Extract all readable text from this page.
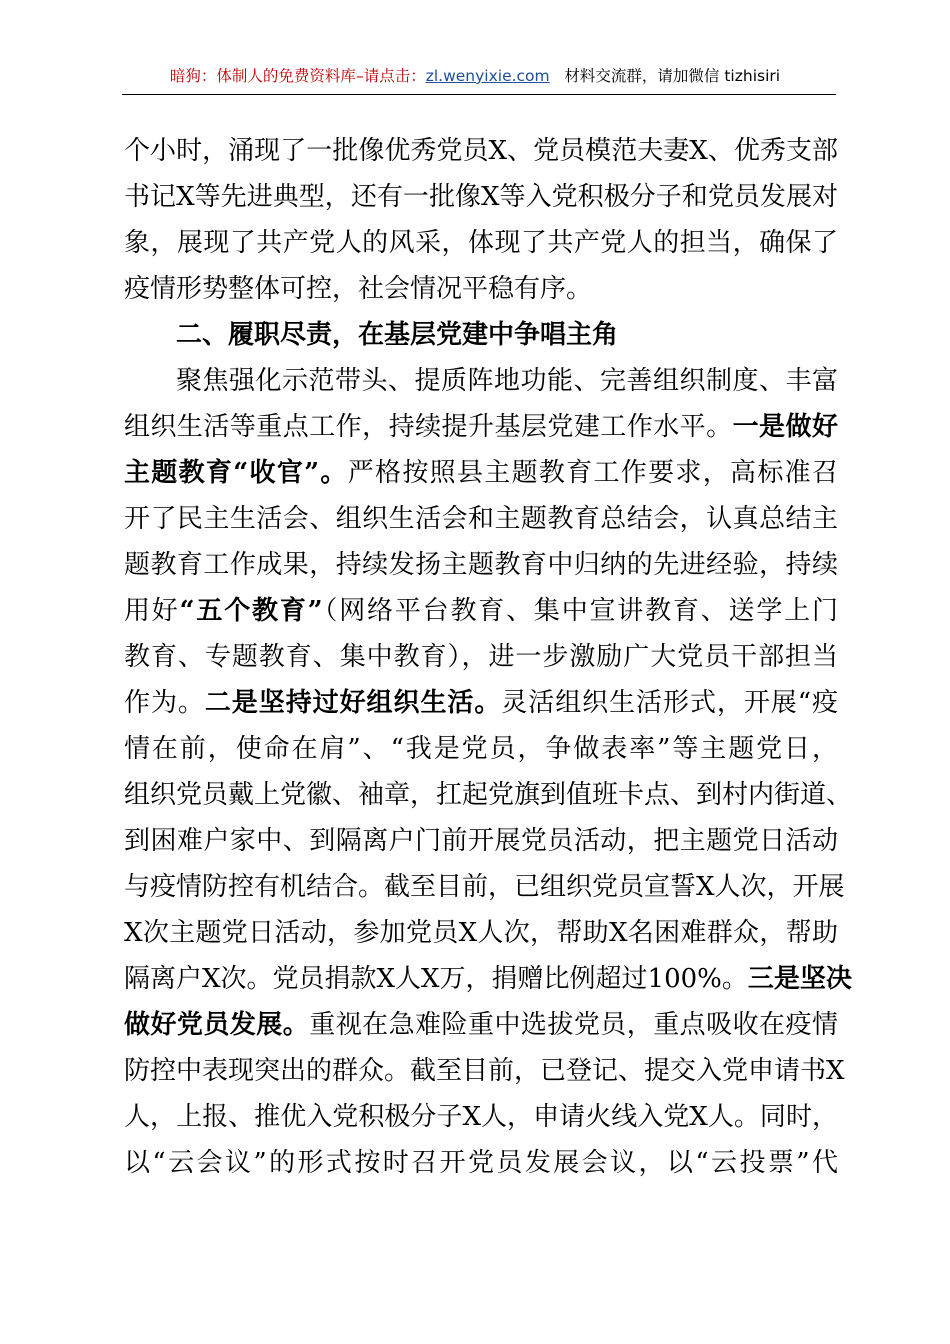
暗狗：体制人的免费资料库–请点击：zl.wenyixie.com 材料交流群，请加微信 tizhisiri
个小时，涌现了一批像优秀党员X、党员模范夫妻X、优秀支部
书记X等先进典型，还有一批像X等入党积极分子和党员发展对
象，展现了共产党人的风采，体现了共产党人的担当，确保了
疫情形势整体可控，社会情况平稳有序。
二、履职尽责，在基层党建中争唱主角
聚焦强化示范带头、提质阵地功能、完善组织制度、丰富
组织生活等重点工作，持续提升基层党建工作水平。一是做好
主题教育“收官”。严格按照县主题教育工作要求，高标准召
开了民主生活会、组织生活会和主题教育总结会，认真总结主
题教育工作成果，持续发扬主题教育中归纳的先进经验，持续
用好“五个教育”（网络平台教育、集中宣讲教育、送学上门
教育、专题教育、集中教育），进一步激励广大党员干部担当
作为。二是坚持过好组织生活。灵活组织生活形式，开展“疫
情在前，使命在肩”、“我是党员，争做表率”等主题党日，
组织党员戴上党徽、袖章，扛起党旗到值班卡点、到村内街道、
到困难户家中、到隔离户门前开展党员活动，把主题党日活动
与疫情防控有机结合。截至目前，已组织党员宣誓X人次，开展
X次主题党日活动，参加党员X人次，帮助X名困难群众，帮助
隔离户X次。党员捐款X人X万，捐赠比例超过100%。三是坚决
做好党员发展。重视在急难险重中选拔党员，重点吸收在疫情
防控中表现突出的群众。截至目前，已登记、提交入党申请书X
人，上报、推优入党积极分子X人，申请火线入党X人。同时，
以“云会议”的形式按时召开党员发展会议，以“云投票”代
